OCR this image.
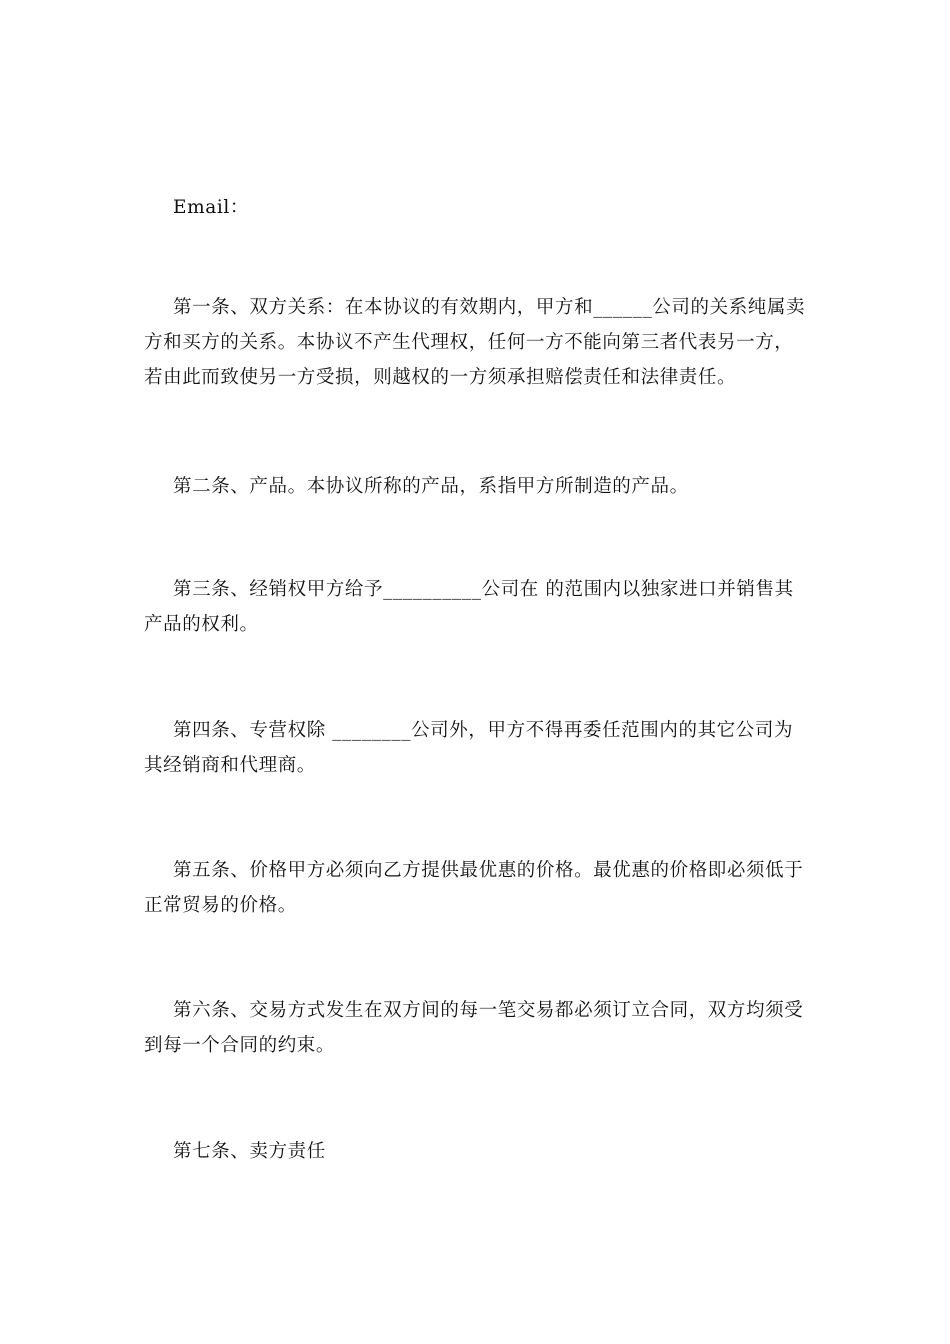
Email：

第一条、双方关系：在本协议的有效期内，甲方和______公司的关系纯属卖
方和买方的关系。本协议不产生代理权，任何一方不能向第三者代表另一方，
若由此而致使另一方受损，则越权的一方须承担赔偿责任和法律责任。

第二条、产品。本协议所称的产品，系指甲方所制造的产品。

第三条、经销权甲方给予__________公司在 的范围内以独家进口并销售其
产品的权利。

第四条、专营权除 ________公司外，甲方不得再委任范围内的其它公司为
其经销商和代理商。

第五条、价格甲方必须向乙方提供最优惠的价格。最优惠的价格即必须低于
正常贸易的价格。

第六条、交易方式发生在双方间的每一笔交易都必须订立合同，双方均须受
到每一个合同的约束。

第七条、卖方责任
